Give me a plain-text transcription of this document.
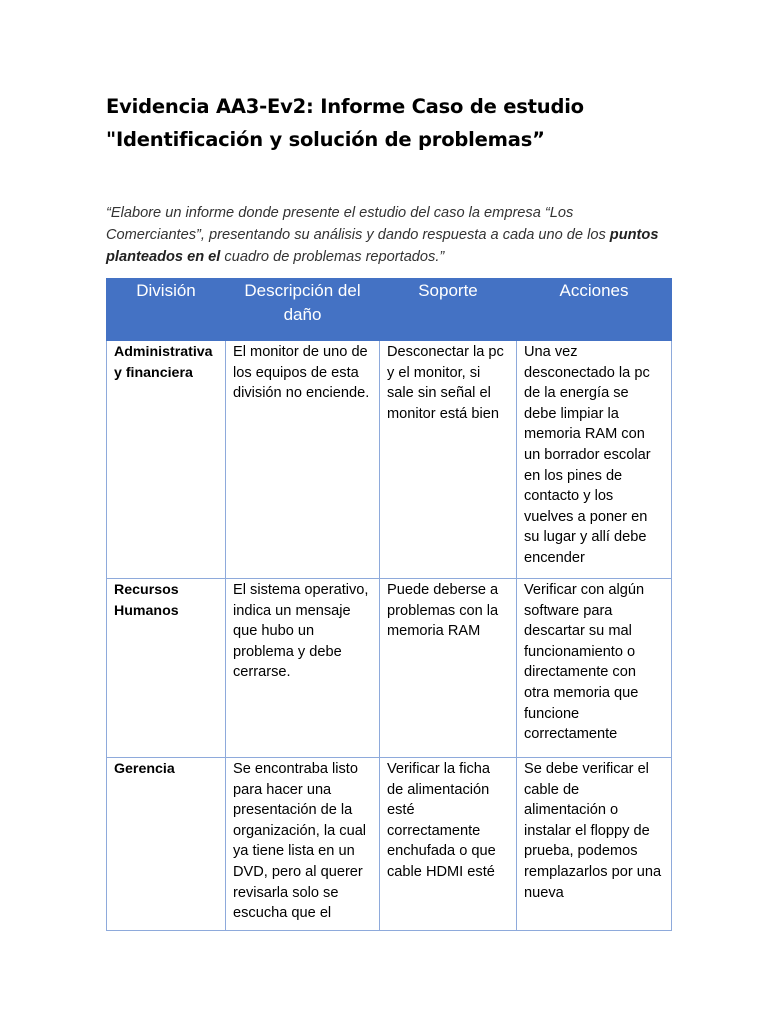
Evidencia AA3-Ev2: Informe Caso de estudio
"Identificación y solución de problemas”
“Elabore un informe donde presente el estudio del caso la empresa “Los Comerciantes”, presentando su análisis y dando respuesta a cada uno de los puntos planteados en el cuadro de problemas reportados.”
División	Descripción del daño	Soporte	Acciones
Administrativa y financiera	El monitor de uno de los equipos de esta división no enciende.	Desconectar la pc y el monitor, si sale sin señal el monitor está bien	Una vez desconectado la pc de la energía se debe limpiar la memoria RAM con un borrador escolar en los pines de contacto y los vuelves a poner en su lugar y allí debe encender
Recursos Humanos	El sistema operativo, indica un mensaje que hubo un problema y debe cerrarse.	Puede deberse a problemas con la memoria RAM	Verificar con algún software para descartar su mal funcionamiento o directamente con otra memoria que funcione correctamente
Gerencia	Se encontraba listo para hacer una presentación de la organización, la cual ya tiene lista en un DVD, pero al querer revisarla solo se escucha que el	Verificar la ficha de alimentación esté correctamente enchufada o que cable HDMI esté	Se debe verificar el cable de alimentación o instalar el floppy de prueba, podemos remplazarlos por una nueva
